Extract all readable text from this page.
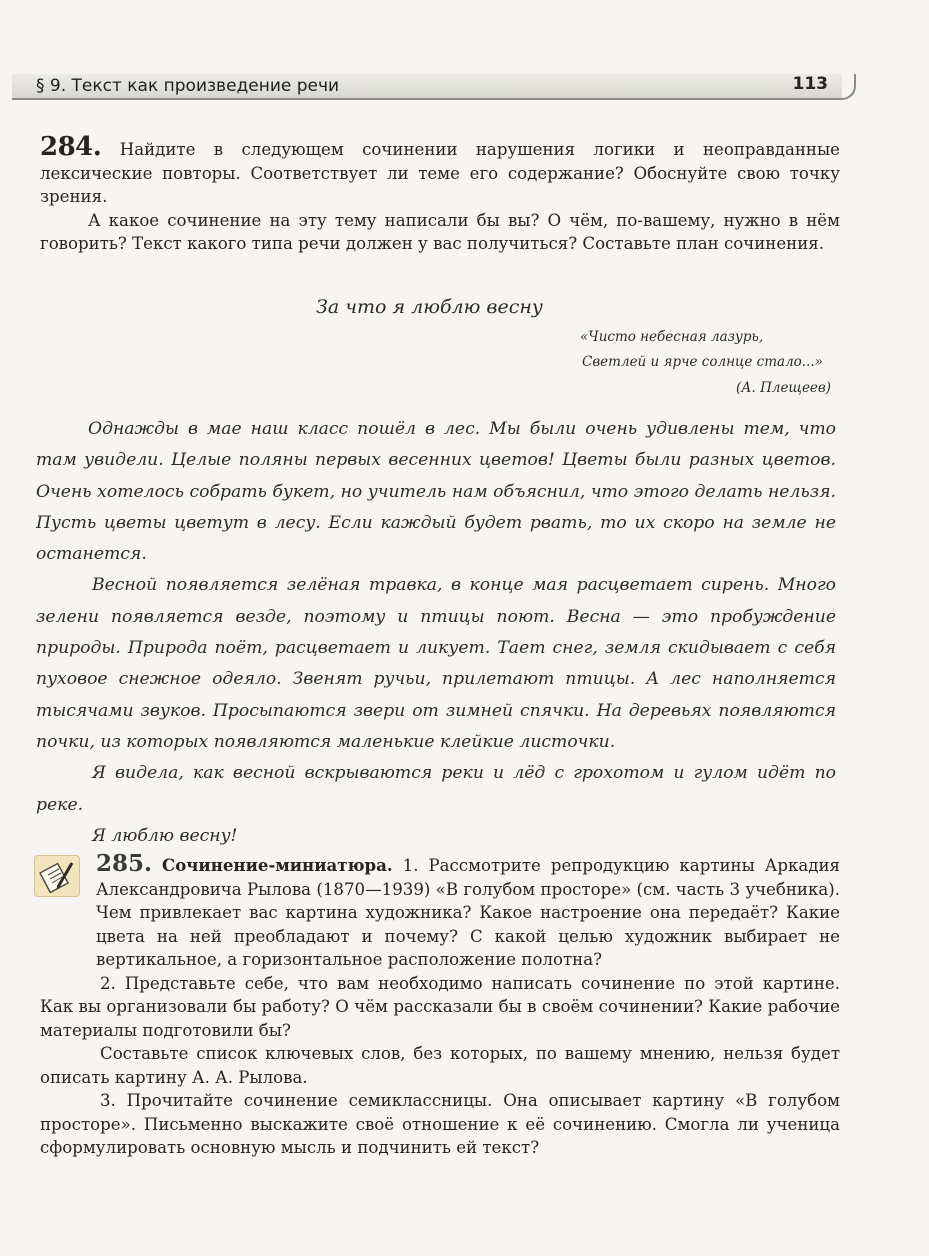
§ 9. Текст как произведение речи	113

284. Найдите в следующем сочинении нарушения логики и неоправданные лексические повторы. Соответствует ли теме его содержание? Обоснуйте свою точку зрения.

А какое сочинение на эту тему написали бы вы? О чём, по-вашему, нужно в нём говорить? Текст какого типа речи должен у вас получиться? Составьте план сочинения.

За что я люблю весну
«Чисто небесная лазурь,
Светлей и ярче солнце стало...»
(А. Плещеев)

Однажды в мае наш класс пошёл в лес. Мы были очень удивлены тем, что там увидели. Целые поляны первых весенних цветов! Цветы были разных цветов. Очень хотелось собрать букет, но учитель нам объяснил, что этого делать нельзя. Пусть цветы цветут в лесу. Если каждый будет рвать, то их скоро на земле не останется.

Весной появляется зелёная травка, в конце мая расцветает сирень. Много зелени появляется везде, поэтому и птицы поют. Весна — это пробуждение природы. Природа поёт, расцветает и ликует. Тает снег, земля скидывает с себя пуховое снежное одеяло. Звенят ручьи, прилетают птицы. А лес наполняется тысячами звуков. Просыпаются звери от зимней спячки. На деревьях появляются почки, из которых появляются маленькие клейкие листочки.

Я видела, как весной вскрываются реки и лёд с грохотом и гулом идёт по реке.

Я люблю весну!

285. Сочинение-миниатюра. 1. Рассмотрите репродукцию картины Аркадия Александровича Рылова (1870—1939) «В голубом просторе» (см. часть 3 учебника). Чем привлекает вас картина художника? Какое настроение она передаёт? Какие цвета на ней преобладают и почему? С какой целью художник выбирает не вертикальное, а горизонтальное расположение полотна?

2. Представьте себе, что вам необходимо написать сочинение по этой картине. Как вы организовали бы работу? О чём рассказали бы в своём сочинении? Какие рабочие материалы подготовили бы?

Составьте список ключевых слов, без которых, по вашему мнению, нельзя будет описать картину А. А. Рылова.

3. Прочитайте сочинение семиклассницы. Она описывает картину «В голубом просторе». Письменно выскажите своё отношение к её сочинению. Смогла ли ученица сформулировать основную мысль и подчинить ей текст?
